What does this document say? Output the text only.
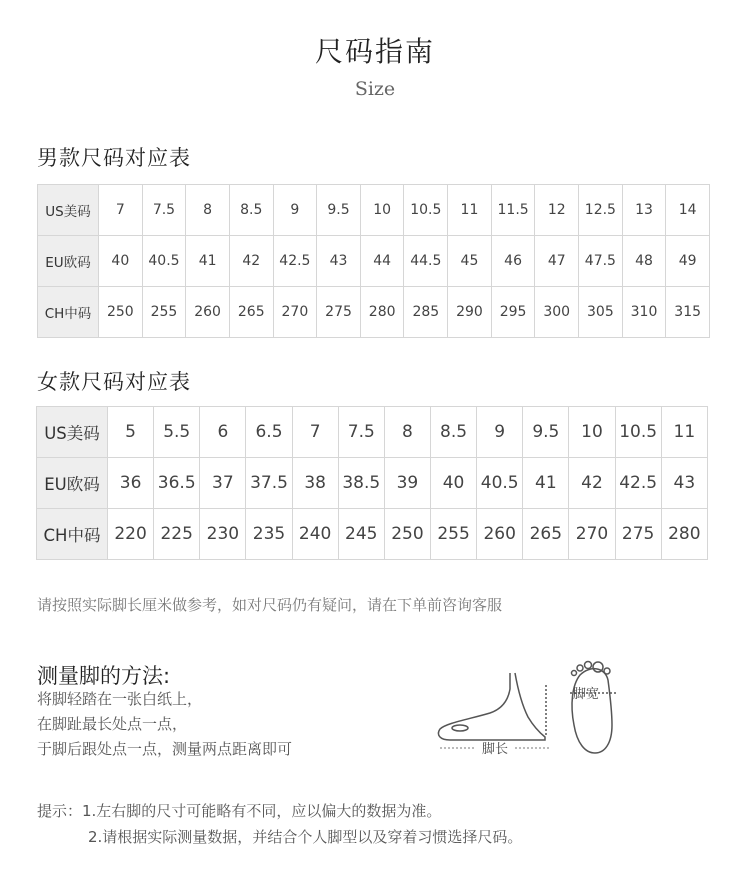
尺码指南
Size
男款尺码对应表
US美码	7	7.5	8	8.5	9	9.5	10	10.5	11	11.5	12	12.5	13	14
EU欧码	40	40.5	41	42	42.5	43	44	44.5	45	46	47	47.5	48	49
CH中码	250	255	260	265	270	275	280	285	290	295	300	305	310	315
女款尺码对应表
US美码	5	5.5	6	6.5	7	7.5	8	8.5	9	9.5	10	10.5	11
EU欧码	36	36.5	37	37.5	38	38.5	39	40	40.5	41	42	42.5	43
CH中码	220	225	230	235	240	245	250	255	260	265	270	275	280
请按照实际脚长厘米做参考，如对尺码仍有疑问，请在下单前咨询客服
测量脚的方法:
将脚轻踏在一张白纸上，
在脚趾最长处点一点，
于脚后跟处点一点，测量两点距离即可	脚长
脚宽
提示：1.左右脚的尺寸可能略有不同，应以偏大的数据为准。
2.请根据实际测量数据，并结合个人脚型以及穿着习惯选择尺码。
